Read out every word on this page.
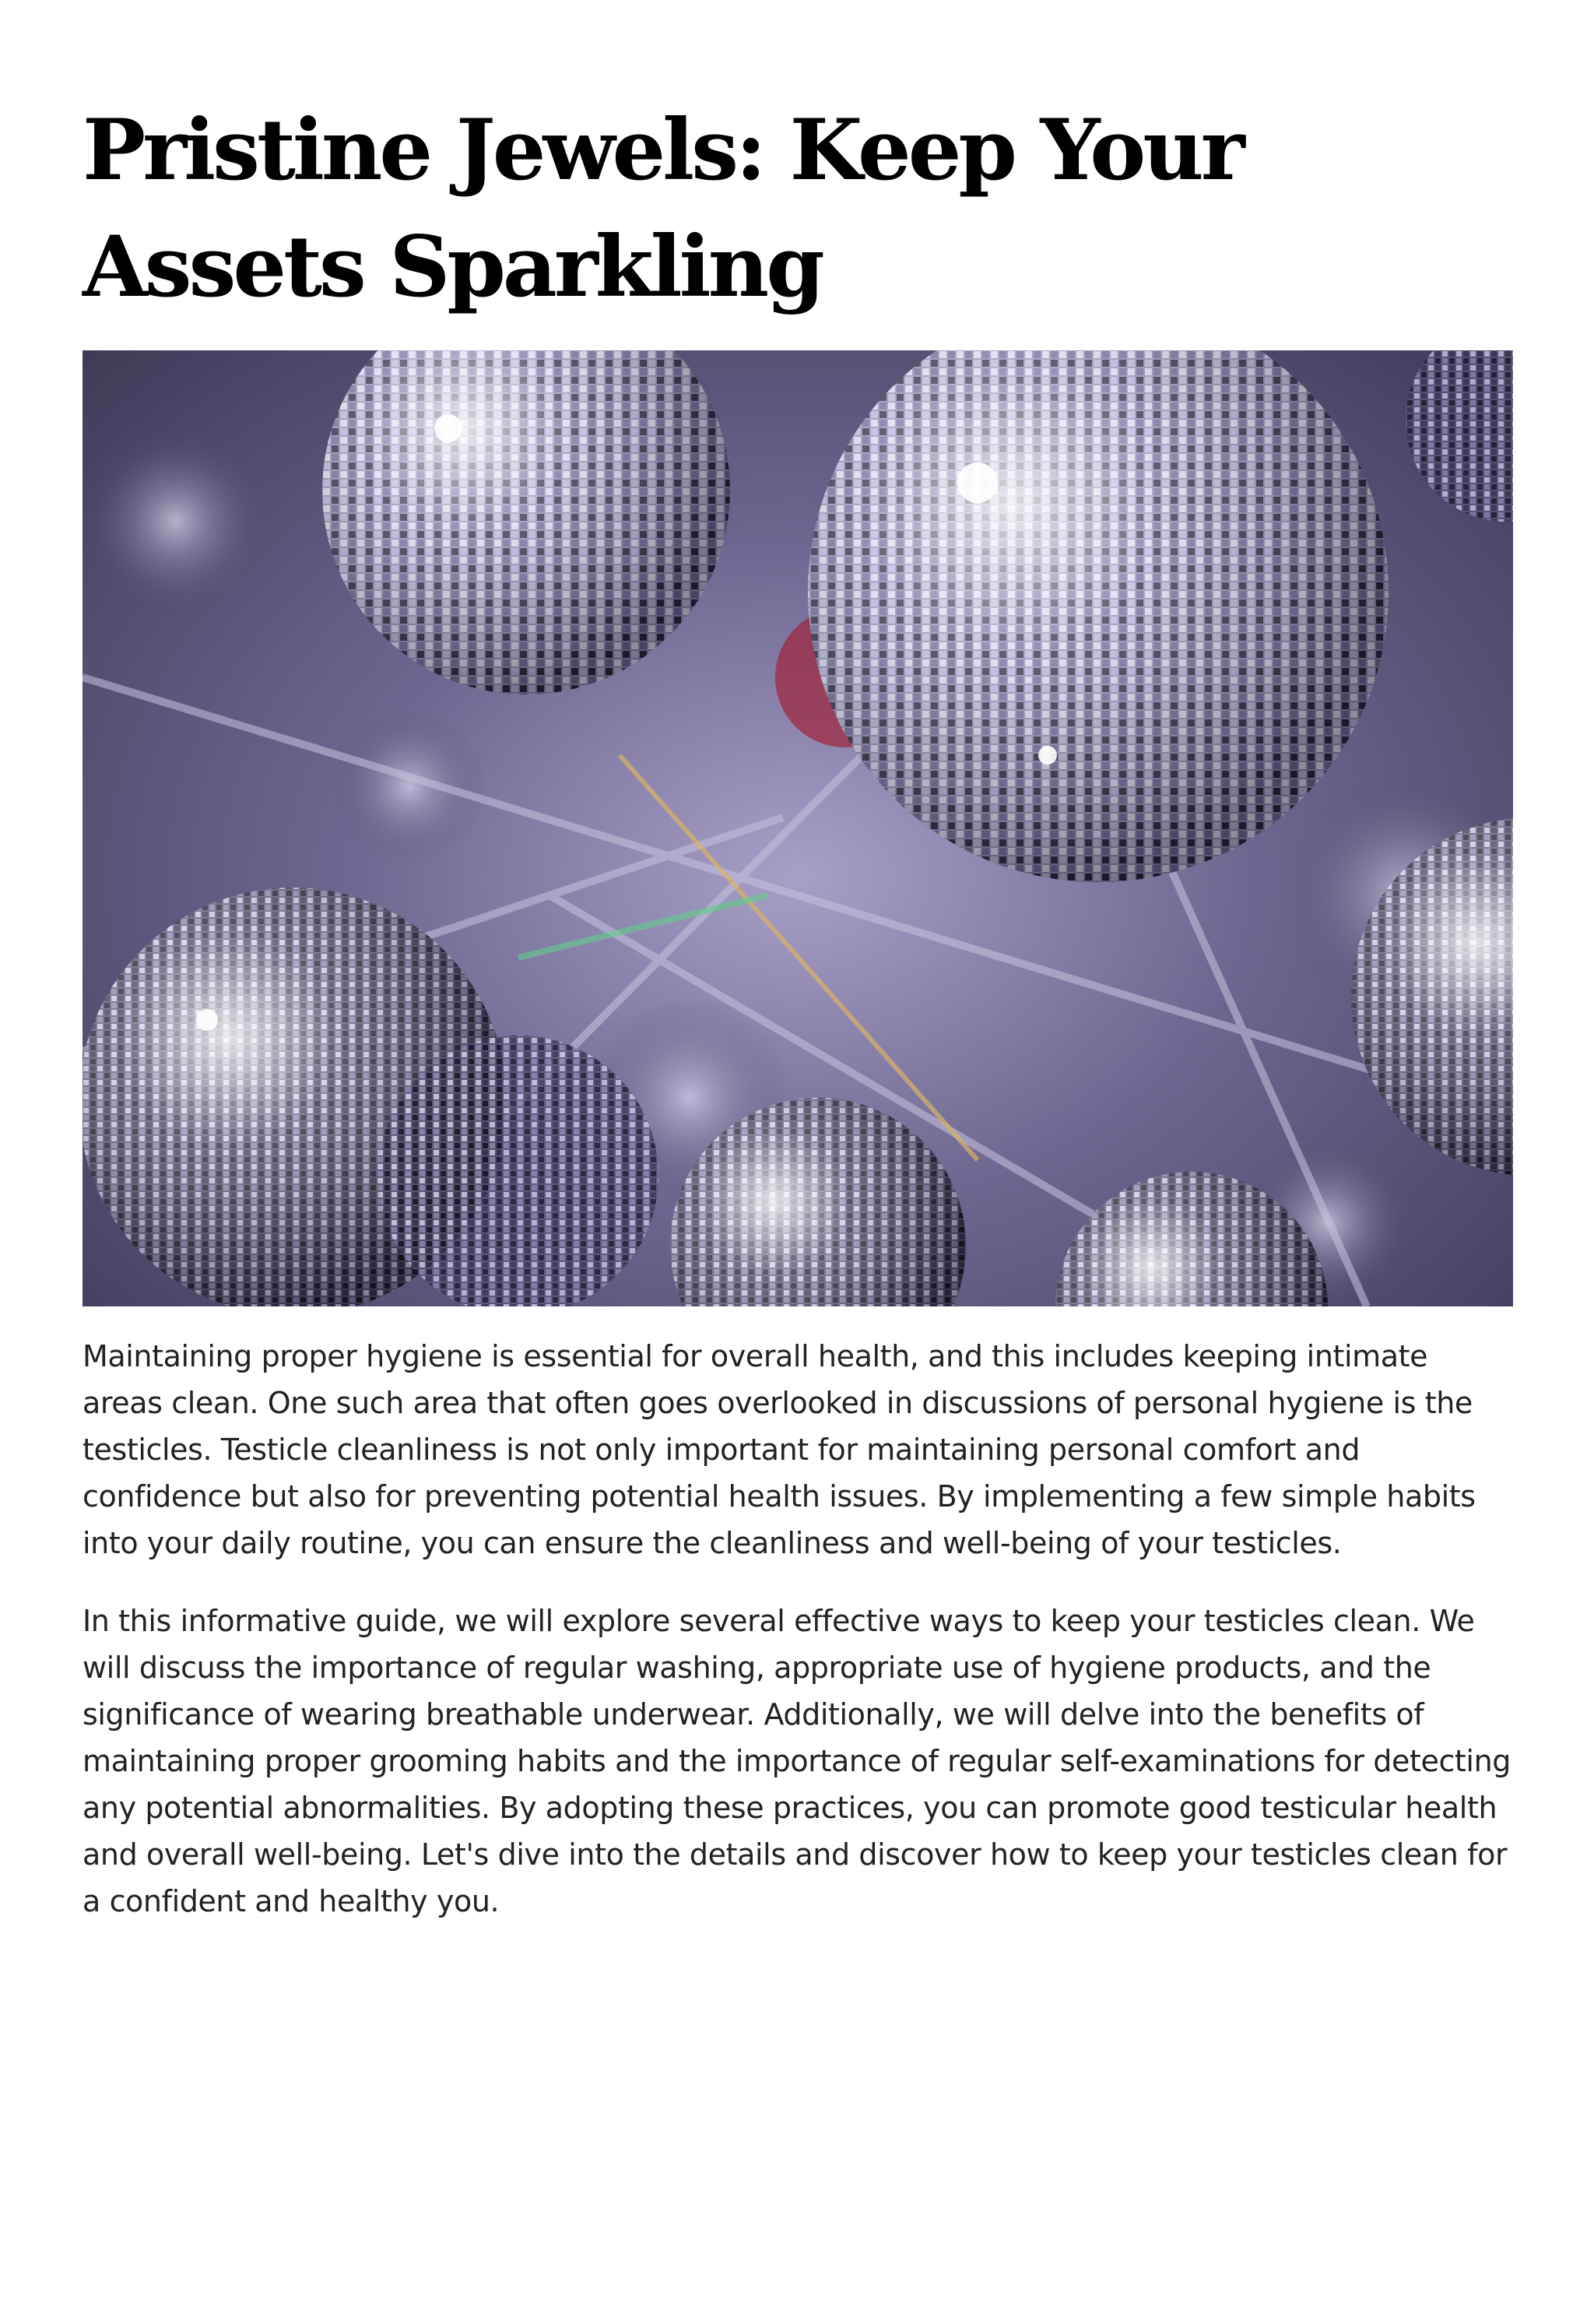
Pristine Jewels: Keep Your Assets Sparkling

Maintaining proper hygiene is essential for overall health, and this includes keeping intimate areas clean. One such area that often goes overlooked in discussions of personal hygiene is the testicles. Testicle cleanliness is not only important for maintaining personal comfort and confidence but also for preventing potential health issues. By implementing a few simple habits into your daily routine, you can ensure the cleanliness and well-being of your testicles.

In this informative guide, we will explore several effective ways to keep your testicles clean. We will discuss the importance of regular washing, appropriate use of hygiene products, and the significance of wearing breathable underwear. Additionally, we will delve into the benefits of maintaining proper grooming habits and the importance of regular self-examinations for detecting any potential abnormalities. By adopting these practices, you can promote good testicular health and overall well-being. Let's dive into the details and discover how to keep your testicles clean for a confident and healthy you.
